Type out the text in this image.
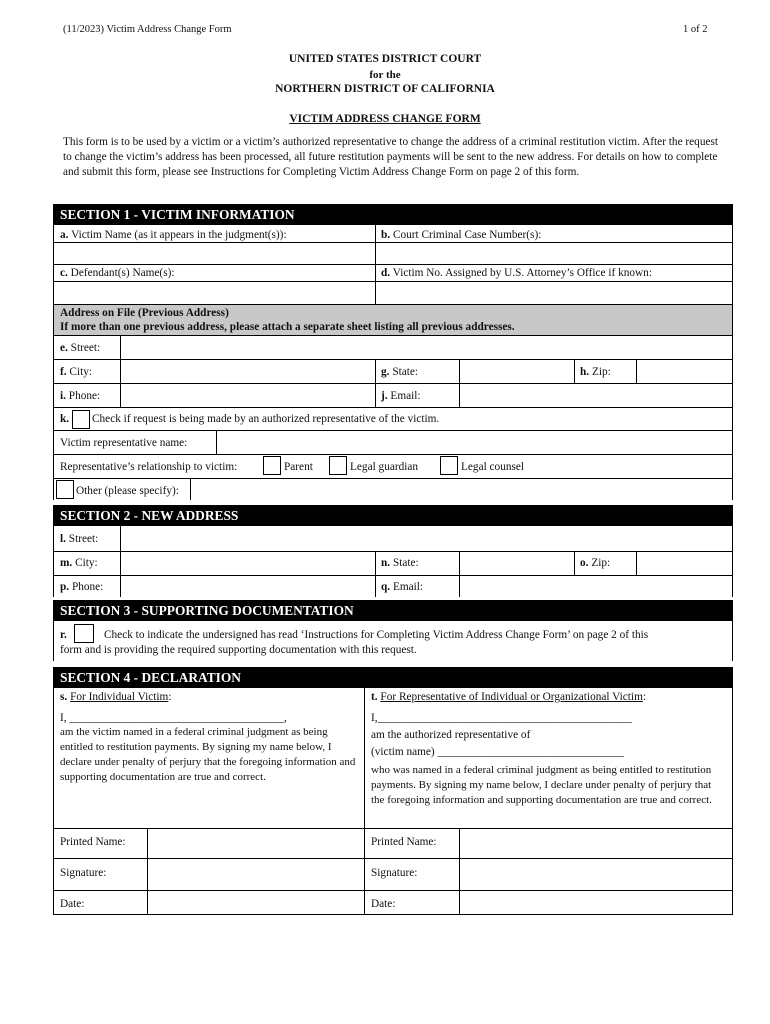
(11/2023) Victim Address Change Form	1 of 2
UNITED STATES DISTRICT COURT
for the
NORTHERN DISTRICT OF CALIFORNIA
VICTIM ADDRESS CHANGE FORM
This form is to be used by a victim or a victim’s authorized representative to change the address of a criminal restitution victim. After the request to change the victim’s address has been processed, all future restitution payments will be sent to the new address. For details on how to complete and submit this form, please see Instructions for Completing Victim Address Change Form on page 2 of this form.
SECTION 1 - VICTIM INFORMATION
a. Victim Name (as it appears in the judgment(s)):	b. Court Criminal Case Number(s):
c. Defendant(s) Name(s):	d. Victim No. Assigned by U.S. Attorney’s Office if known:
Address on File (Previous Address)
If more than one previous address, please attach a separate sheet listing all previous addresses.
e. Street:
f. City:	g. State:	h. Zip:
i. Phone:	j. Email:
k. Check if request is being made by an authorized representative of the victim.
Victim representative name:
Representative’s relationship to victim:	Parent	Legal guardian	Legal counsel
Other (please specify):
SECTION 2 - NEW ADDRESS
l. Street:
m. City:	n. State:	o. Zip:
p. Phone:	q. Email:
SECTION 3 - SUPPORTING DOCUMENTATION
r.	Check to indicate the undersigned has read ‘Instructions for Completing Victim Address Change Form’ on page 2 of this
form and is providing the required supporting documentation with this request.
SECTION 4 - DECLARATION
s. For Individual Victim:
I, ______________________________________,
am the victim named in a federal criminal judgment as being entitled to restitution payments. By signing my name below, I declare under penalty of perjury that the foregoing information and supporting documentation are true and correct.
t. For Representative of Individual or Organizational Victim:
I,_____________________________________________
am the authorized representative of
(victim name) _________________________________
who was named in a federal criminal judgment as being entitled to restitution payments. By signing my name below, I declare under penalty of perjury that the foregoing information and supporting documentation are true and correct.
Printed Name:	Printed Name:
Signature:	Signature:
Date:	Date:
